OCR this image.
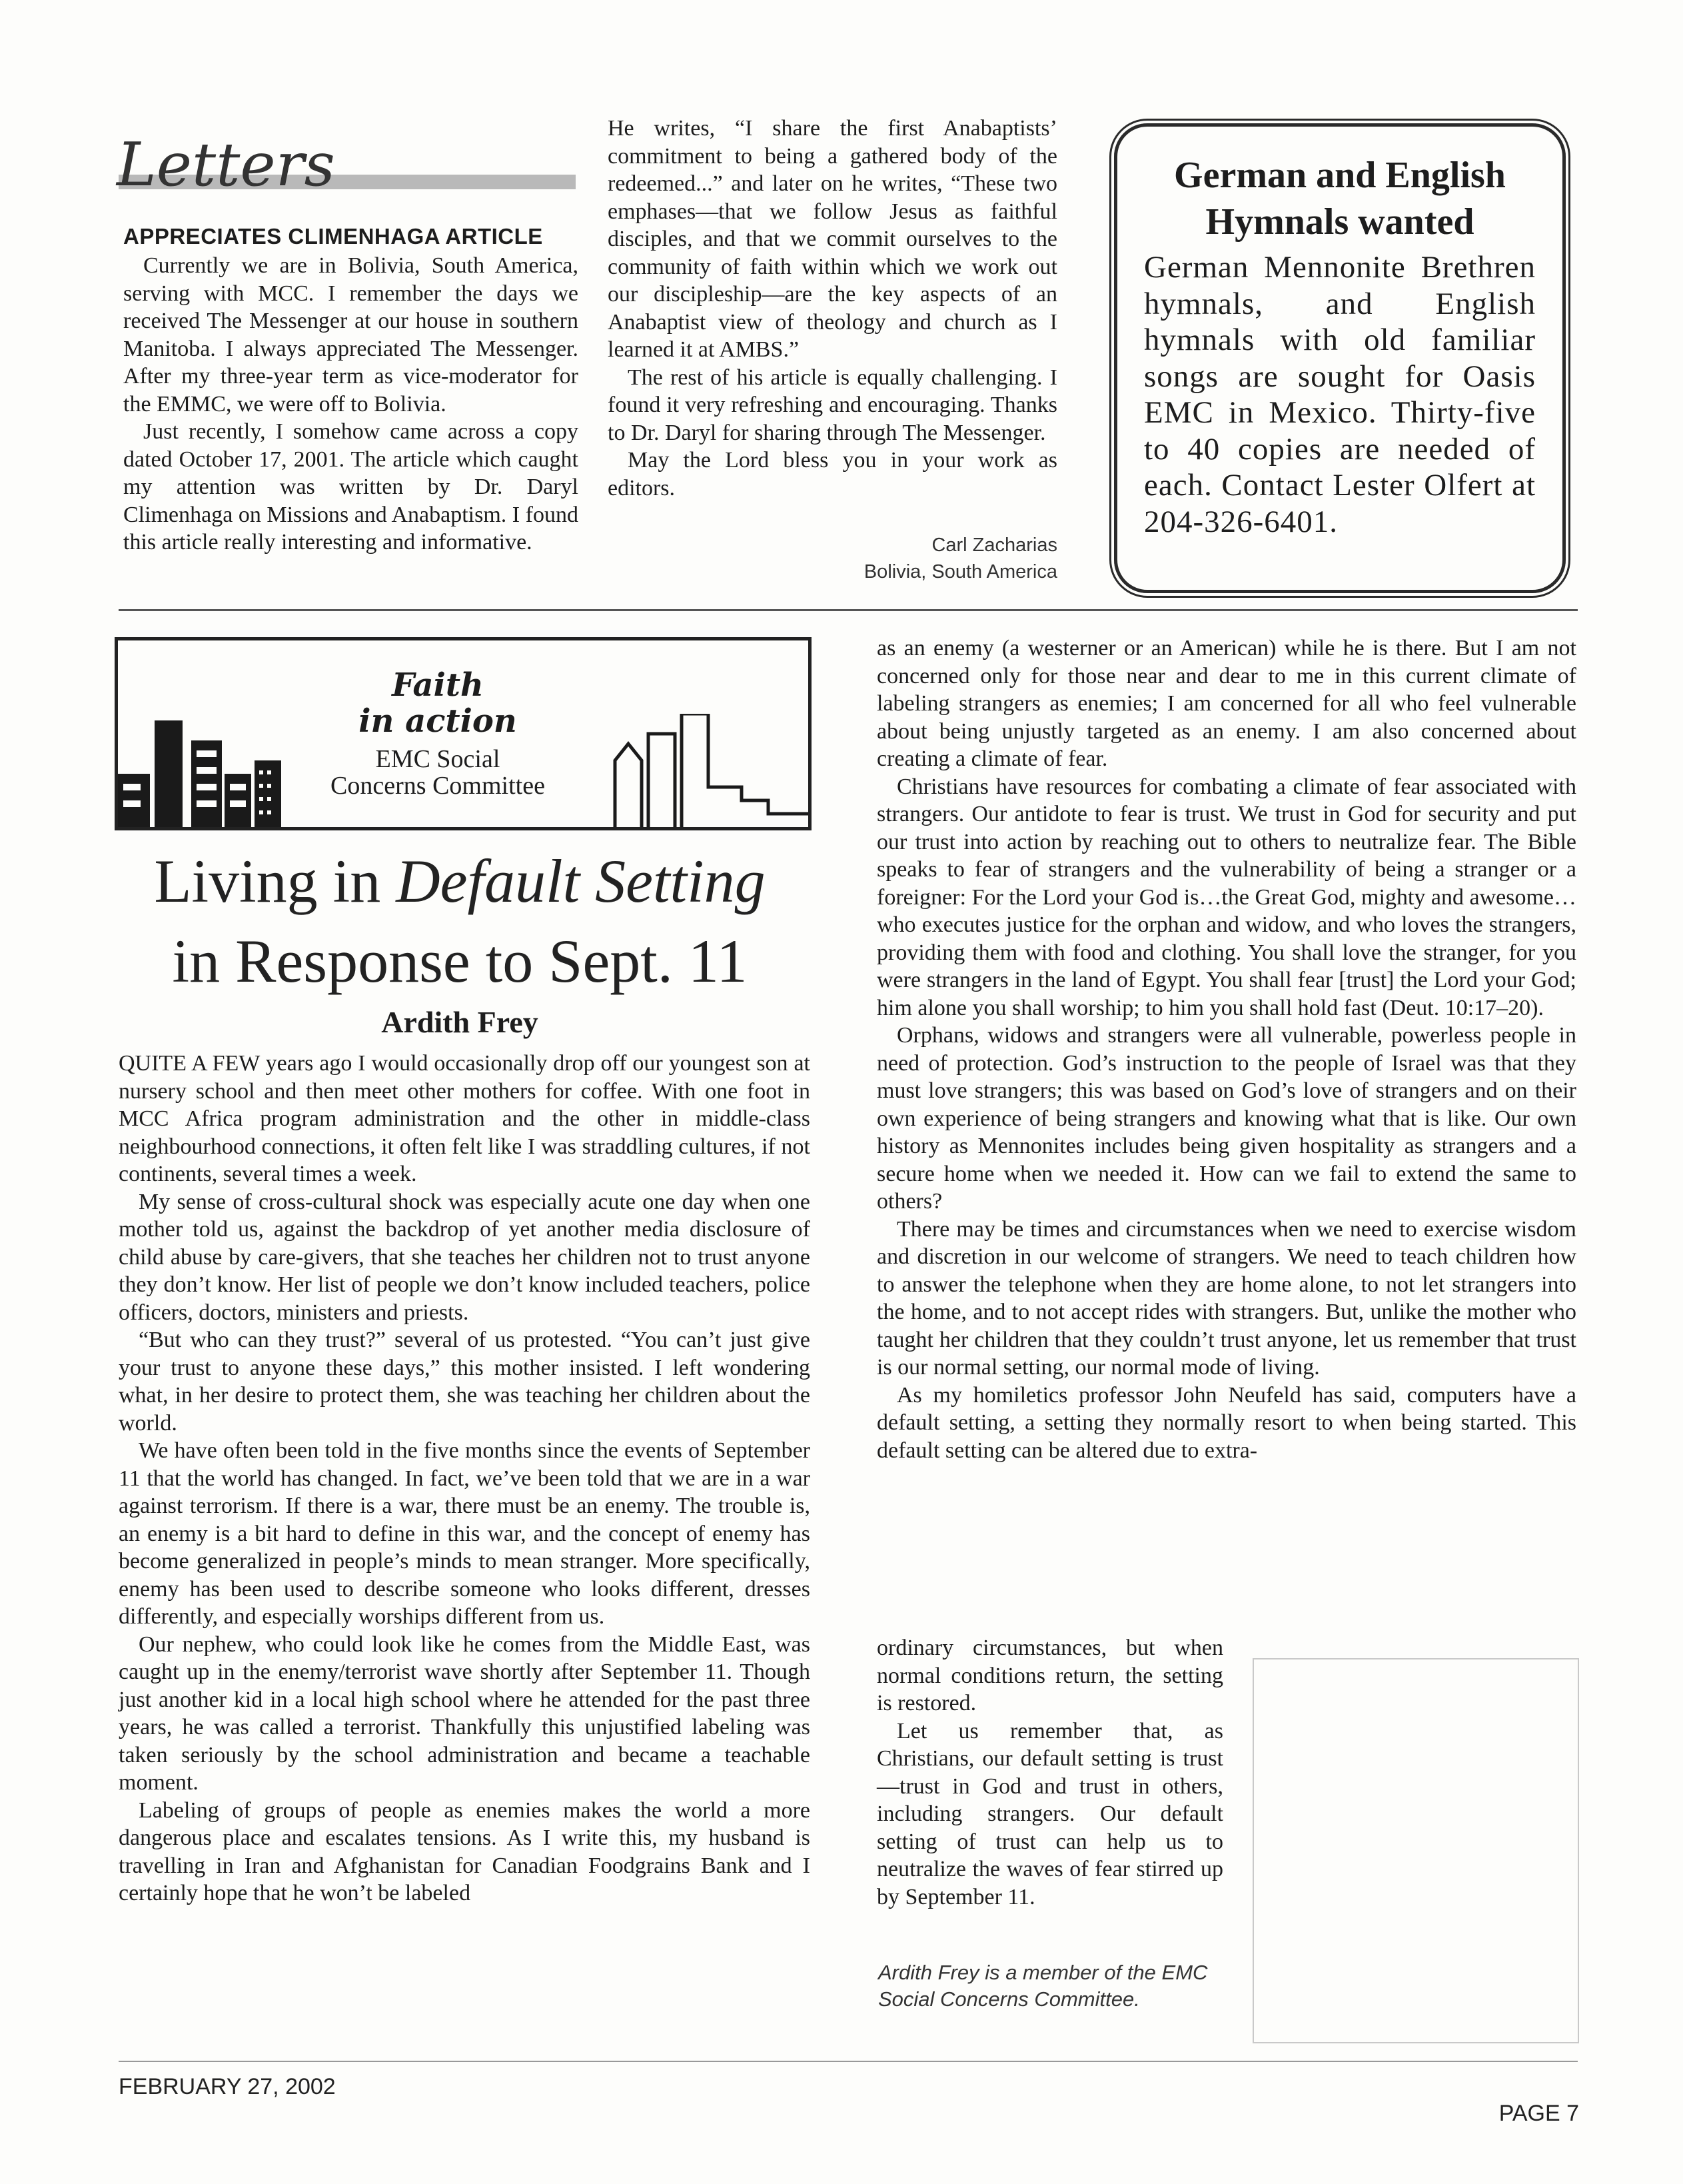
Letters
APPRECIATES CLIMENHAGA ARTICLE

Currently we are in Bolivia, South America, serving with MCC. I remember the days we received The Messenger at our house in southern Manitoba. I always appreciated The Messenger. After my three-year term as vice-moderator for the EMMC, we were off to Bolivia.

Just recently, I somehow came across a copy dated October 17, 2001. The article which caught my attention was written by Dr. Daryl Climenhaga on Missions and Anabaptism. I found this article really interesting and informative.

He writes, “I share the first Anabaptists’ commitment to being a gathered body of the redeemed...” and later on he writes, “These two emphases—that we follow Jesus as faithful disciples, and that we commit ourselves to the community of faith within which we work out our discipleship—are the key aspects of an Anabaptist view of theology and church as I learned it at AMBS.”

The rest of his article is equally challenging. I found it very refreshing and encouraging. Thanks to Dr. Daryl for sharing through The Messenger.

May the Lord bless you in your work as editors.

Carl Zacharias
Bolivia, South America
German and English Hymnals wanted
German Mennonite Brethren hymnals, and English hymnals with old familiar songs are sought for Oasis EMC in Mexico. Thirty-five to 40 copies are needed of each. Contact Lester Olfert at 204-326-6401.
Faith
in action
EMC Social
Concerns Committee
Living in Default Setting
in Response to Sept. 11
Ardith Frey

QUITE A FEW years ago I would occasionally drop off our youngest son at nursery school and then meet other mothers for coffee. With one foot in MCC Africa program administration and the other in middle-class neighbourhood connections, it often felt like I was straddling cultures, if not continents, several times a week.

My sense of cross-cultural shock was especially acute one day when one mother told us, against the backdrop of yet another media disclosure of child abuse by care-givers, that she teaches her children not to trust anyone they don’t know. Her list of people we don’t know included teachers, police officers, doctors, ministers and priests.

“But who can they trust?” several of us protested. “You can’t just give your trust to anyone these days,” this mother insisted. I left wondering what, in her desire to protect them, she was teaching her children about the world.

We have often been told in the five months since the events of September 11 that the world has changed. In fact, we’ve been told that we are in a war against terrorism. If there is a war, there must be an enemy. The trouble is, an enemy is a bit hard to define in this war, and the concept of enemy has become generalized in people’s minds to mean stranger. More specifically, enemy has been used to describe someone who looks different, dresses differently, and especially worships different from us.

Our nephew, who could look like he comes from the Middle East, was caught up in the enemy/terrorist wave shortly after September 11. Though just another kid in a local high school where he attended for the past three years, he was called a terrorist. Thankfully this unjustified labeling was taken seriously by the school administration and became a teachable moment.

Labeling of groups of people as enemies makes the world a more dangerous place and escalates tensions. As I write this, my husband is travelling in Iran and Afghanistan for Canadian Foodgrains Bank and I certainly hope that he won’t be labeled

as an enemy (a westerner or an American) while he is there. But I am not concerned only for those near and dear to me in this current climate of labeling strangers as enemies; I am concerned for all who feel vulnerable about being unjustly targeted as an enemy. I am also concerned about creating a climate of fear.

Christians have resources for combating a climate of fear associated with strangers. Our antidote to fear is trust. We trust in God for security and put our trust into action by reaching out to others to neutralize fear. The Bible speaks to fear of strangers and the vulnerability of being a stranger or a foreigner: For the Lord your God is…the Great God, mighty and awesome…who executes justice for the orphan and widow, and who loves the strangers, providing them with food and clothing. You shall love the stranger, for you were strangers in the land of Egypt. You shall fear [trust] the Lord your God; him alone you shall worship; to him you shall hold fast (Deut. 10:17–20).

Orphans, widows and strangers were all vulnerable, powerless people in need of protection. God’s instruction to the people of Israel was that they must love strangers; this was based on God’s love of strangers and on their own experience of being strangers and knowing what that is like. Our own history as Mennonites includes being given hospitality as strangers and a secure home when we needed it. How can we fail to extend the same to others?

There may be times and circumstances when we need to exercise wisdom and discretion in our welcome of strangers. We need to teach children how to answer the telephone when they are home alone, to not let strangers into the home, and to not accept rides with strangers. But, unlike the mother who taught her children that they couldn’t trust anyone, let us remember that trust is our normal setting, our normal mode of living.

As my homiletics professor John Neufeld has said, computers have a default setting, a setting they normally resort to when being started. This default setting can be altered due to extra-

ordinary circumstances, but when normal conditions return, the setting is restored.

Let us remember that, as Christians, our default setting is trust—trust in God and trust in others, including strangers. Our default setting of trust can help us to neutralize the waves of fear stirred up by September 11.

Ardith Frey is a member of the EMC Social Concerns Committee.
FEBRUARY 27, 2002
PAGE 7
